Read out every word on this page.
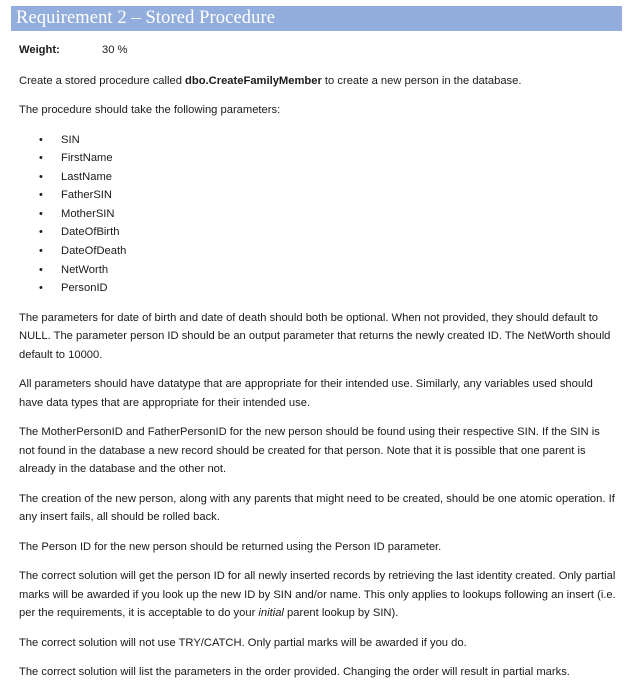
Requirement 2 – Stored Procedure
Weight:	30 %

Create a stored procedure called dbo.CreateFamilyMember to create a new person in the database.

The procedure should take the following parameters:

• SIN
• FirstName
• LastName
• FatherSIN
• MotherSIN
• DateOfBirth
• DateOfDeath
• NetWorth
• PersonID

The parameters for date of birth and date of death should both be optional. When not provided, they should default to NULL. The parameter person ID should be an output parameter that returns the newly created ID. The NetWorth should default to 10000.

All parameters should have datatype that are appropriate for their intended use. Similarly, any variables used should have data types that are appropriate for their intended use.

The MotherPersonID and FatherPersonID for the new person should be found using their respective SIN. If the SIN is not found in the database a new record should be created for that person. Note that it is possible that one parent is already in the database and the other not.

The creation of the new person, along with any parents that might need to be created, should be one atomic operation. If any insert fails, all should be rolled back.

The Person ID for the new person should be returned using the Person ID parameter.

The correct solution will get the person ID for all newly inserted records by retrieving the last identity created. Only partial marks will be awarded if you look up the new ID by SIN and/or name. This only applies to lookups following an insert (i.e. per the requirements, it is acceptable to do your initial parent lookup by SIN).

The correct solution will not use TRY/CATCH. Only partial marks will be awarded if you do.

The correct solution will list the parameters in the order provided. Changing the order will result in partial marks.
